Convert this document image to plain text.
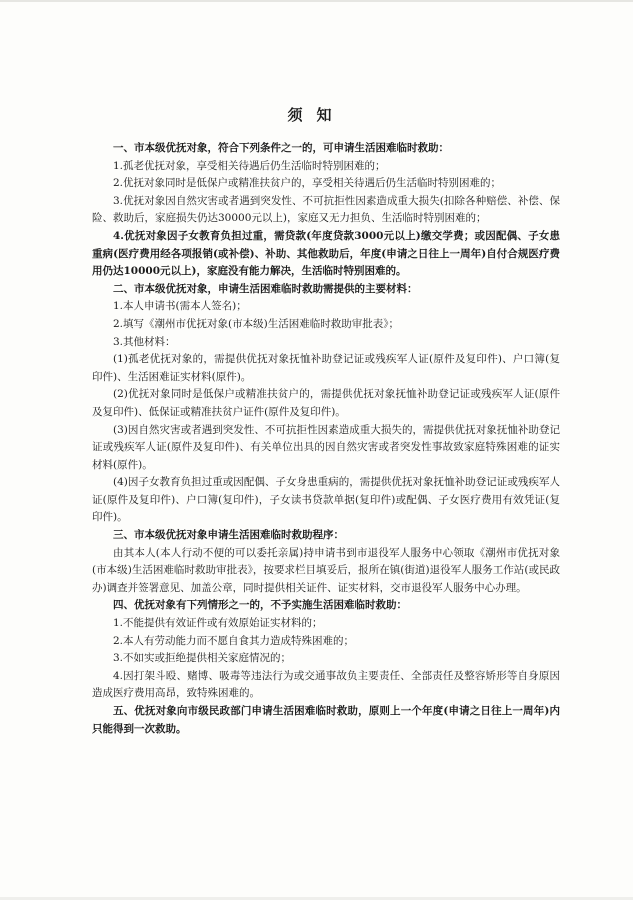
须知

一、市本级优抚对象，符合下列条件之一的，可申请生活困难临时救助：

1.孤老优抚对象，享受相关待遇后仍生活临时特别困难的；

2.优抚对象同时是低保户或精准扶贫户的，享受相关待遇后仍生活临时特别困难的；

3.优抚对象因自然灾害或者遇到突发性、不可抗拒性因素造成重大损失(扣除各种赔偿、补偿、保险、救助后，家庭损失仍达30000元以上)，家庭又无力担负、生活临时特别困难的；

4.优抚对象因子女教育负担过重，需贷款(年度贷款3000元以上)缴交学费；或因配偶、子女患重病(医疗费用经各项报销(或补偿)、补助、其他救助后，年度(申请之日往上一周年)自付合规医疗费用仍达10000元以上)，家庭没有能力解决，生活临时特别困难的。

二、市本级优抚对象，申请生活困难临时救助需提供的主要材料：

1.本人申请书(需本人签名)；

2.填写《潮州市优抚对象(市本级)生活困难临时救助审批表》；

3.其他材料：

(1)孤老优抚对象的，需提供优抚对象抚恤补助登记证或残疾军人证(原件及复印件)、户口簿(复印件)、生活困难证实材料(原件)。

(2)优抚对象同时是低保户或精准扶贫户的，需提供优抚对象抚恤补助登记证或残疾军人证(原件及复印件)、低保证或精准扶贫户证件(原件及复印件)。

(3)因自然灾害或者遇到突发性、不可抗拒性因素造成重大损失的，需提供优抚对象抚恤补助登记证或残疾军人证(原件及复印件)、有关单位出具的因自然灾害或者突发性事故致家庭特殊困难的证实材料(原件)。

(4)因子女教育负担过重或因配偶、子女身患重病的，需提供优抚对象抚恤补助登记证或残疾军人证(原件及复印件)、户口簿(复印件)，子女读书贷款单据(复印件)或配偶、子女医疗费用有效凭证(复印件)。

三、市本级优抚对象申请生活困难临时救助程序：

由其本人(本人行动不便的可以委托亲属)持申请书到市退役军人服务中心领取《潮州市优抚对象(市本级)生活困难临时救助审批表》，按要求栏目填妥后，报所在镇(街道)退役军人服务工作站(或民政办)调查并签署意见、加盖公章，同时提供相关证件、证实材料，交市退役军人服务中心办理。

四、优抚对象有下列情形之一的，不予实施生活困难临时救助：

1.不能提供有效证件或有效原始证实材料的；

2.本人有劳动能力而不愿自食其力造成特殊困难的；

3.不如实或拒绝提供相关家庭情况的；

4.因打架斗殴、赌博、吸毒等违法行为或交通事故负主要责任、全部责任及整容矫形等自身原因造成医疗费用高昂，致特殊困难的。

五、优抚对象向市级民政部门申请生活困难临时救助，原则上一个年度(申请之日往上一周年)内只能得到一次救助。
